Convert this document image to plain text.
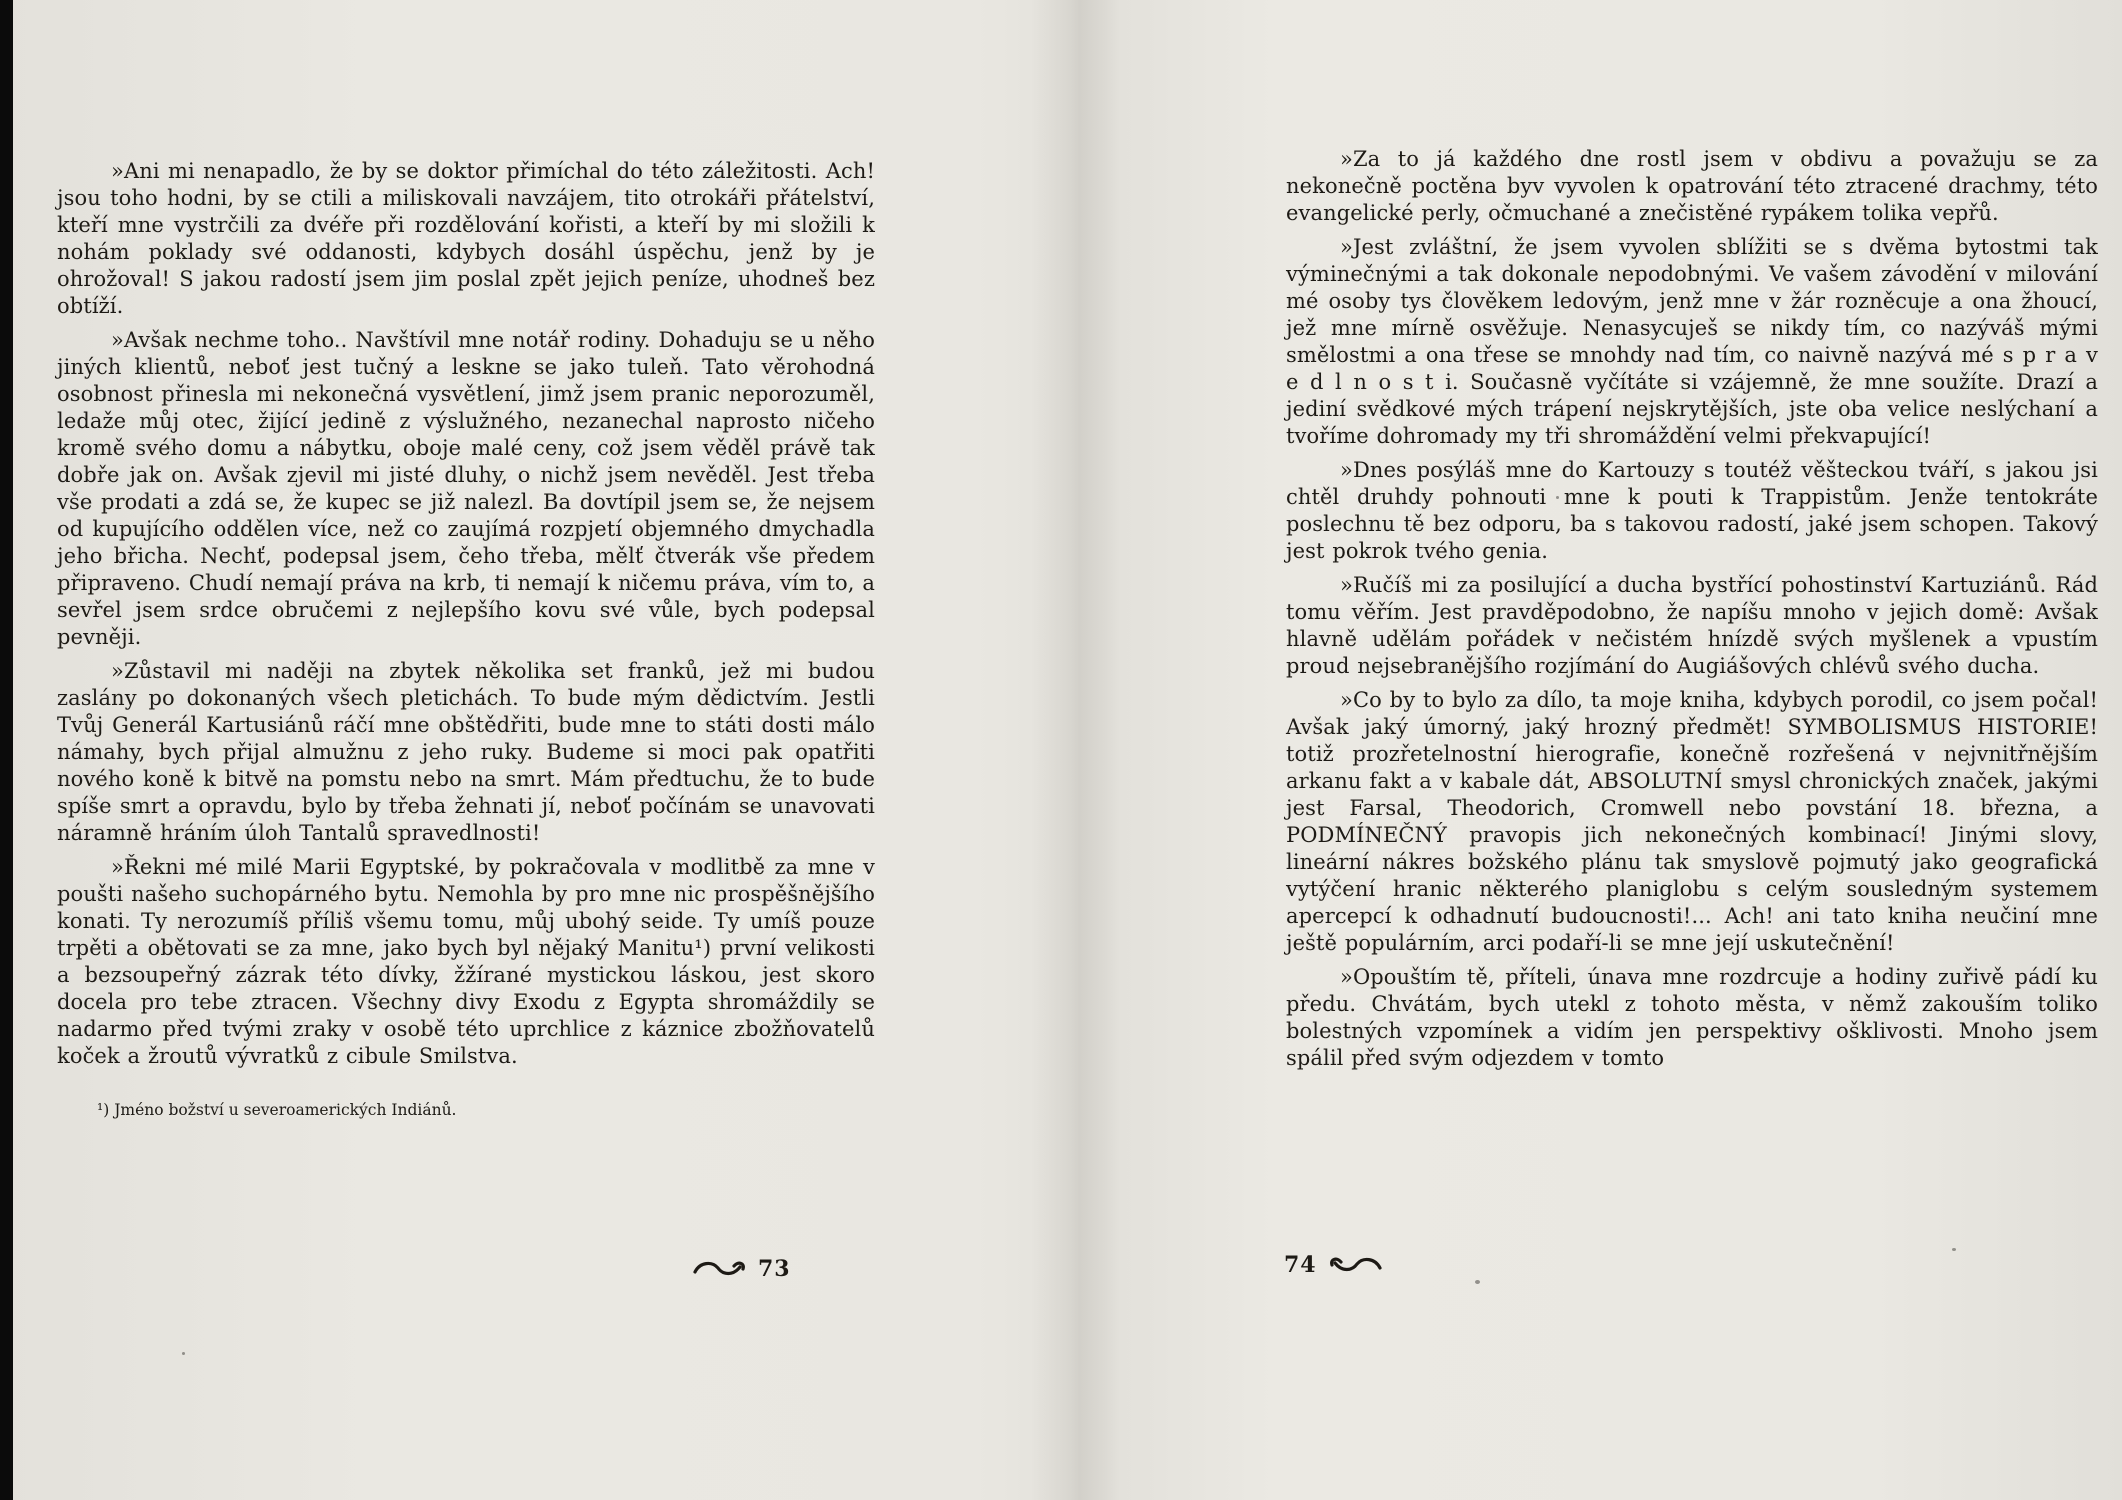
»Ani mi nenapadlo, že by se doktor přimíchal do této záležitosti. Ach! jsou toho hodni, by se ctili a miliskovali navzájem, tito otrokáři přátelství, kteří mne vystrčili za dvéře při rozdělování kořisti, a kteří by mi složili k nohám poklady své oddanosti, kdybych dosáhl úspěchu, jenž by je ohrožoval! S jakou radostí jsem jim poslal zpět jejich peníze, uhodneš bez obtíží.

»Avšak nechme toho.. Navštívil mne notář rodiny. Dohaduju se u něho jiných klientů, neboť jest tučný a leskne se jako tuleň. Tato věrohodná osobnost přinesla mi nekonečná vysvětlení, jimž jsem pranic neporozuměl, ledaže můj otec, žijící jedině z výslužného, nezanechal naprosto ničeho kromě svého domu a nábytku, oboje malé ceny, což jsem věděl právě tak dobře jak on. Avšak zjevil mi jisté dluhy, o nichž jsem nevěděl. Jest třeba vše prodati a zdá se, že kupec se již nalezl. Ba dovtípil jsem se, že nejsem od kupujícího oddělen více, než co zaujímá rozpjetí objemného dmychadla jeho břicha. Nechť, podepsal jsem, čeho třeba, mělť čtverák vše předem připraveno. Chudí nemají práva na krb, ti nemají k ničemu práva, vím to, a sevřel jsem srdce obručemi z nejlepšího kovu své vůle, bych podepsal pevněji.

»Zůstavil mi naději na zbytek několika set franků, jež mi budou zaslány po dokonaných všech pletichách. To bude mým dědictvím. Jestli Tvůj Generál Kartusiánů ráčí mne obštědřiti, bude mne to státi dosti málo námahy, bych přijal almužnu z jeho ruky. Budeme si moci pak opatřiti nového koně k bitvě na pomstu nebo na smrt. Mám předtuchu, že to bude spíše smrt a opravdu, bylo by třeba žehnati jí, neboť počínám se unavovati náramně hráním úloh Tantalů spravedlnosti!

»Řekni mé milé Marii Egyptské, by pokračovala v modlitbě za mne v poušti našeho suchopárného bytu. Nemohla by pro mne nic prospěšnějšího konati. Ty nerozumíš příliš všemu tomu, můj ubohý seide. Ty umíš pouze trpěti a obětovati se za mne, jako bych byl nějaký Manitu¹) první velikosti a bezsoupeřný zázrak této dívky, žžírané mystickou láskou, jest skoro docela pro tebe ztracen. Všechny divy Exodu z Egypta shromáždily se nadarmo před tvými zraky v osobě této uprchlice z káznice zbožňovatelů koček a žroutů vývratků z cibule Smilstva.

¹) Jméno božství u severoamerických Indiánů.

73

»Za to já každého dne rostl jsem v obdivu a považuju se za nekonečně poctěna byv vyvolen k opatrování této ztracené drachmy, této evangelické perly, očmuchané a znečistěné rypákem tolika vepřů.

»Jest zvláštní, že jsem vyvolen sblížiti se s dvěma bytostmi tak výminečnými a tak dokonale nepodobnými. Ve vašem závodění v milování mé osoby tys člověkem ledovým, jenž mne v žár rozněcuje a ona žhoucí, jež mne mírně osvěžuje. Nenasycuješ se nikdy tím, co nazýváš mými smělostmi a ona třese se mnohdy nad tím, co naivně nazývá mé s p r a v e d l n o s t i. Současně vyčítáte si vzájemně, že mne soužíte. Drazí a jediní svědkové mých trápení nejskrytějších, jste oba velice neslýchaní a tvoříme dohromady my tři shromáždění velmi překvapující!

»Dnes posýláš mne do Kartouzy s toutéž věšteckou tváří, s jakou jsi chtěl druhdy pohnouti mne k pouti k Trappistům. Jenže tentokráte poslechnu tě bez odporu, ba s takovou radostí, jaké jsem schopen. Takový jest pokrok tvého genia.

»Ručíš mi za posilující a ducha bystřící pohostinství Kartuziánů. Rád tomu věřím. Jest pravděpodobno, že napíšu mnoho v jejich domě: Avšak hlavně udělám pořádek v nečistém hnízdě svých myšlenek a vpustím proud nejsebranějšího rozjímání do Augiášových chlévů svého ducha.

»Co by to bylo za dílo, ta moje kniha, kdybych porodil, co jsem počal! Avšak jaký úmorný, jaký hrozný předmět! SYMBOLISMUS HISTORIE! totiž prozřetelnostní hierografie, konečně rozřešená v nejvnitřnějším arkanu fakt a v kabale dát, ABSOLUTNÍ smysl chronických značek, jakými jest Farsal, Theodorich, Cromwell nebo povstání 18. března, a PODMÍNEČNÝ pravopis jich nekonečných kombinací! Jinými slovy, lineární nákres božského plánu tak smyslově pojmutý jako geografická vytýčení hranic některého planiglobu s celým sousledným systemem apercepcí k odhadnutí budoucnosti!... Ach! ani tato kniha neučiní mne ještě populárním, arci podaří-li se mne její uskutečnění!

»Opouštím tě, příteli, únava mne rozdrcuje a hodiny zuřivě pádí ku předu. Chvátám, bych utekl z tohoto města, v němž zakouším toliko bolestných vzpomínek a vidím jen perspektivy ošklivosti. Mnoho jsem spálil před svým odjezdem v tomto

74
